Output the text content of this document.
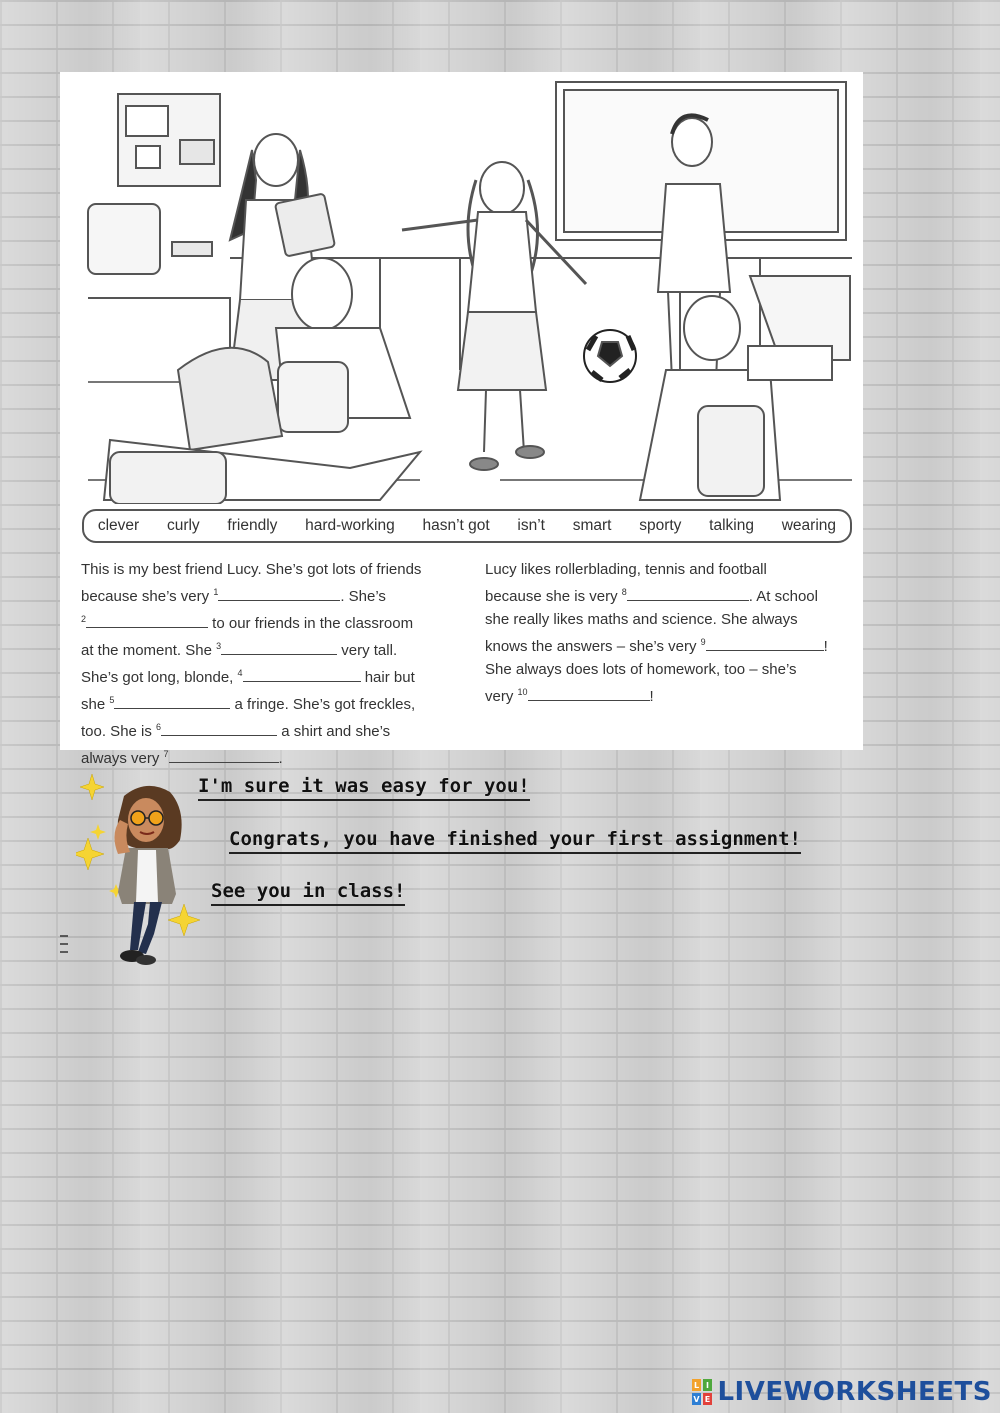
clever curly friendly hard-working hasn’t got isn’t smart sporty talking wearing
This is my best friend Lucy. She’s got lots of friends
because she’s very $^1$	. She’s
$^2$	to our friends in the classroom
at the moment. She $^3$	very tall.
She’s got long, blonde, $^4$	hair but
she $^5$	a fringe. She’s got freckles,
too. She is $^6$	a shirt and she’s
always very $^7$	.
Lucy likes rollerblading, tennis and football
because she is very $^8$	. At school
she really likes maths and science. She always
knows the answers – she’s very $^9$	!
She always does lots of homework, too – she’s
very $^{10}$	!
I'm sure it was easy for you!
Congrats, you have finished your first assignment!
See you in class!
L I
V E LIVEWORKSHEETS
